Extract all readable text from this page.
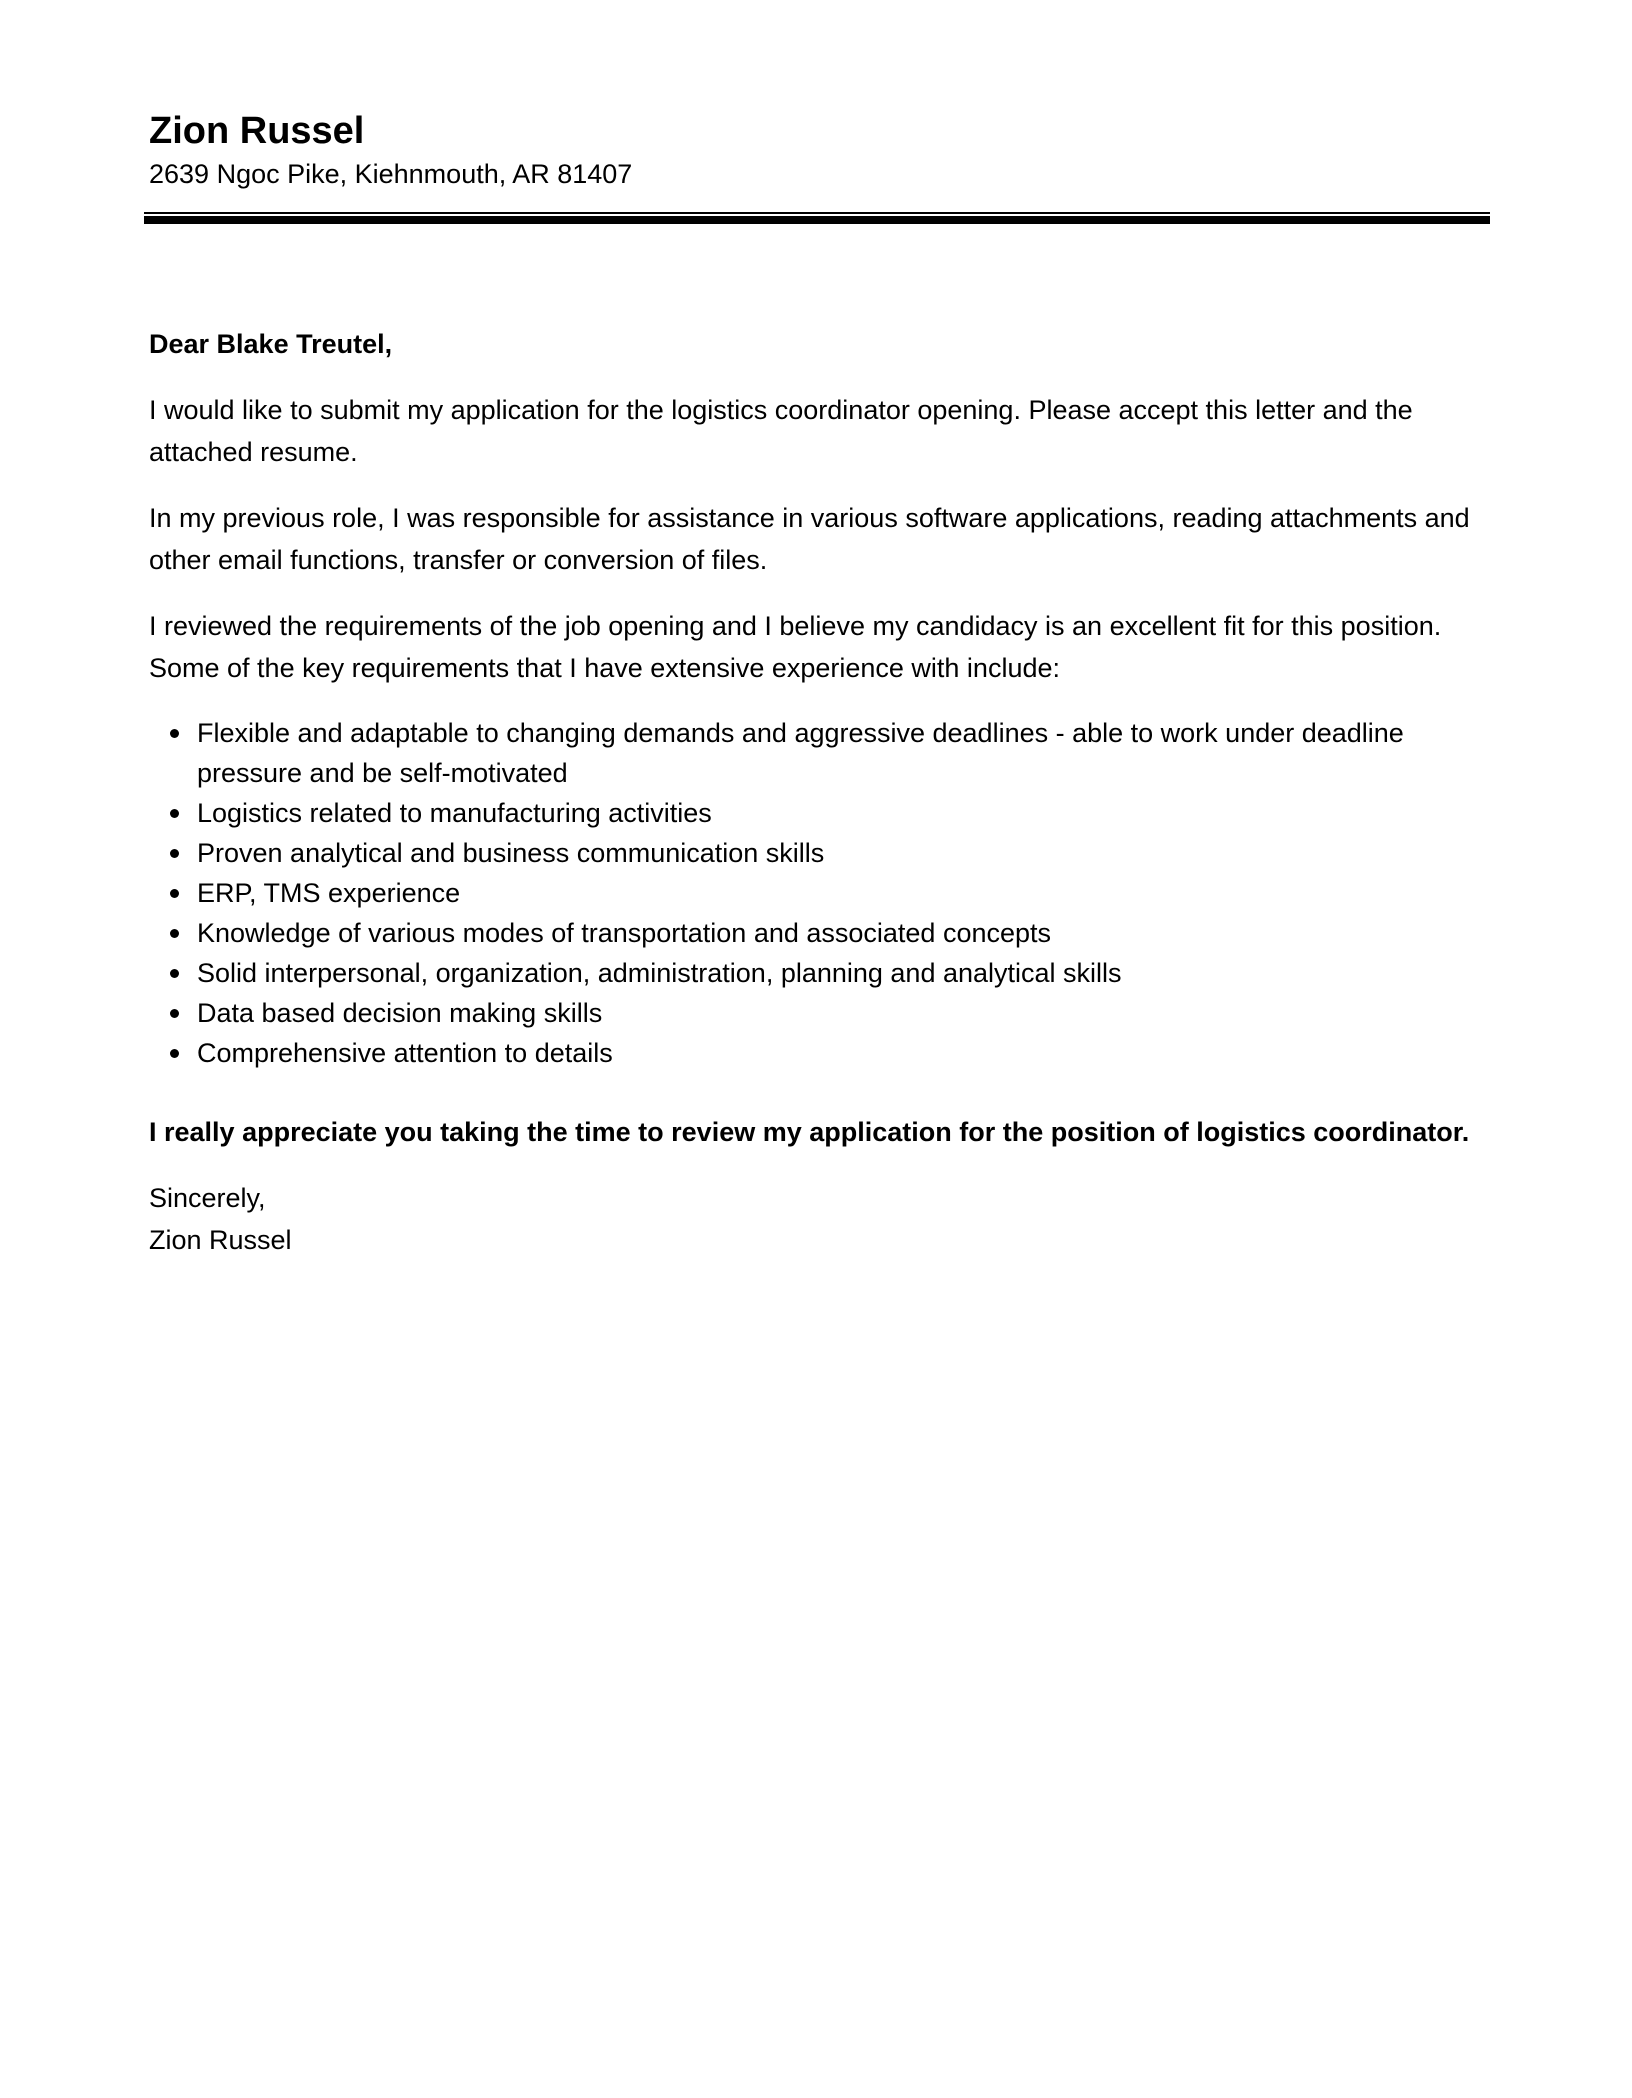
Zion Russel
2639 Ngoc Pike, Kiehnmouth, AR 81407

Dear Blake Treutel,

I would like to submit my application for the logistics coordinator opening. Please accept this letter and the attached resume.

In my previous role, I was responsible for assistance in various software applications, reading attachments and other email functions, transfer or conversion of files.

I reviewed the requirements of the job opening and I believe my candidacy is an excellent fit for this position. Some of the key requirements that I have extensive experience with include:

Flexible and adaptable to changing demands and aggressive deadlines - able to work under deadline pressure and be self-motivated
Logistics related to manufacturing activities
Proven analytical and business communication skills
ERP, TMS experience
Knowledge of various modes of transportation and associated concepts
Solid interpersonal, organization, administration, planning and analytical skills
Data based decision making skills
Comprehensive attention to details

I really appreciate you taking the time to review my application for the position of logistics coordinator.

Sincerely,

Zion Russel
